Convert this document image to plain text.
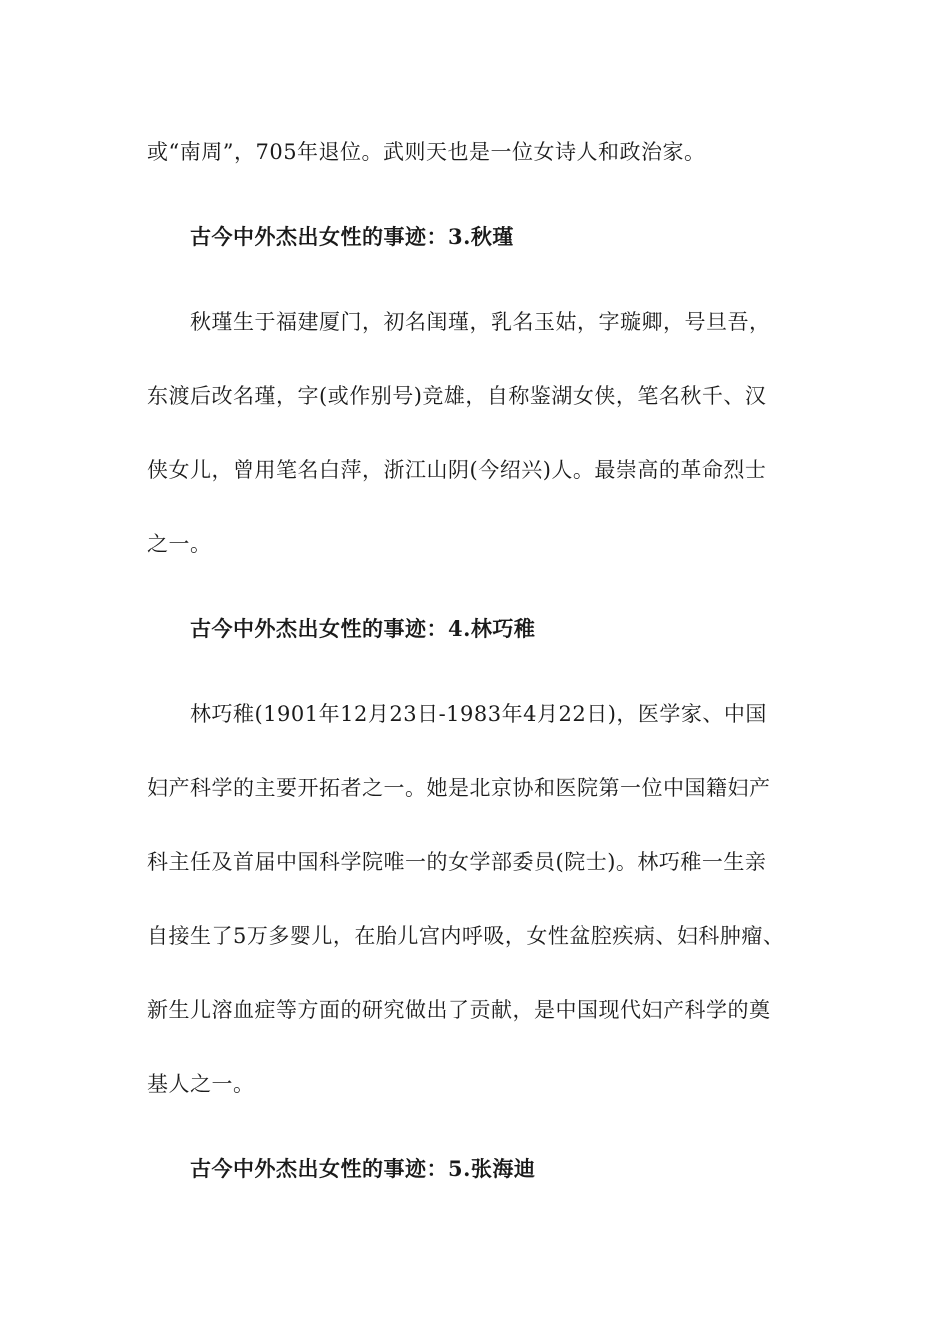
或“南周”，705年退位。武则天也是一位女诗人和政治家。
古今中外杰出女性的事迹：3.秋瑾
秋瑾生于福建厦门，初名闺瑾，乳名玉姑，字璇卿，号旦吾，
东渡后改名瑾，字(或作别号)竞雄，自称鉴湖女侠，笔名秋千、汉
侠女儿，曾用笔名白萍，浙江山阴(今绍兴)人。最崇高的革命烈士
之一。
古今中外杰出女性的事迹：4.林巧稚
林巧稚(1901年12月23日-1983年4月22日)，医学家、中国
妇产科学的主要开拓者之一。她是北京协和医院第一位中国籍妇产
科主任及首届中国科学院唯一的女学部委员(院士)。林巧稚一生亲
自接生了5万多婴儿，在胎儿宫内呼吸，女性盆腔疾病、妇科肿瘤、
新生儿溶血症等方面的研究做出了贡献，是中国现代妇产科学的奠
基人之一。
古今中外杰出女性的事迹：5.张海迪
